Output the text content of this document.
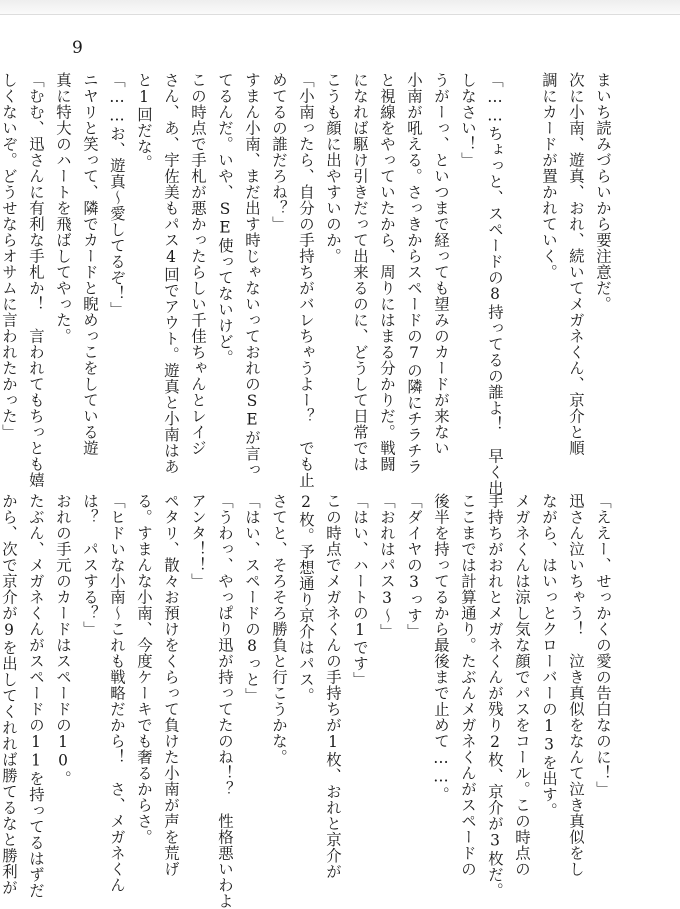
9

まいち読みづらいから要注意だ。

次に小南、遊真、おれ、続いてメガネくん、京介と順

調にカードが置かれていく。

「……ちょっと、スペードの8持ってるの誰よ！　早く出

しなさい！」

うがーっ、といつまで経っても望みのカードが来ない

小南が吼える。さっきからスペードの7の隣にチラチラ

と視線をやっていたから、周りにはまる分かりだ。戦闘

になれば駆け引きだって出来るのに、どうして日常では

こうも顔に出やすいのか。

「小南ったら、自分の手持ちがバレちゃうよー？　でも止

めてるの誰だろね？」

すまん小南、まだ出す時じゃないっておれのSEが言っ

てるんだ。いや、SE使ってないけど。

この時点で手札が悪かったらしい千佳ちゃんとレイジ

さん、あ、宇佐美もパス4回でアウト。遊真と小南はあ

と1回だな。

「……お、遊真〜愛してるぞ！」

ニヤリと笑って、隣でカードと睨めっこをしている遊

真に特大のハートを飛ばしてやった。

「むむ、迅さんに有利な手札か！　言われてもちっとも嬉

しくないぞ。どうせならオサムに言われたかった」

「ええー、せっかくの愛の告白なのに！」

迅さん泣いちゃう！　泣き真似をなんて泣き真似をし

ながら、はいっとクローバーの13を出す。

メガネくんは涼し気な顔でパスをコール。この時点の

手持ちがおれとメガネくんが残り2枚、京介が3枚だ。

ここまでは計算通り。たぶんメガネくんがスペードの

後半を持ってるから最後まで止めて……。

「ダイヤの3っす」

「おれはパス3〜」

「はい、ハートの1です」

この時点でメガネくんの手持ちが1枚、おれと京介が

2枚。予想通り京介はパス。

さてと、そろそろ勝負と行こうかな。

「はい、スペードの8っと」

「うわっ、やっぱり迅が持ってたのね！？　性格悪いわよ

アンタ！！」

ペタリ、散々お預けをくらって負けた小南が声を荒げ

る。すまんな小南、今度ケーキでも奢るからさ。

「ヒドいな小南〜これも戦略だから！　さ、メガネくん

は？　パスする？」

おれの手元のカードはスペードの10。

たぶん、メガネくんがスペードの11を持ってるはずだ

から、次で京介が9を出してくれれば勝てるなと勝利が
